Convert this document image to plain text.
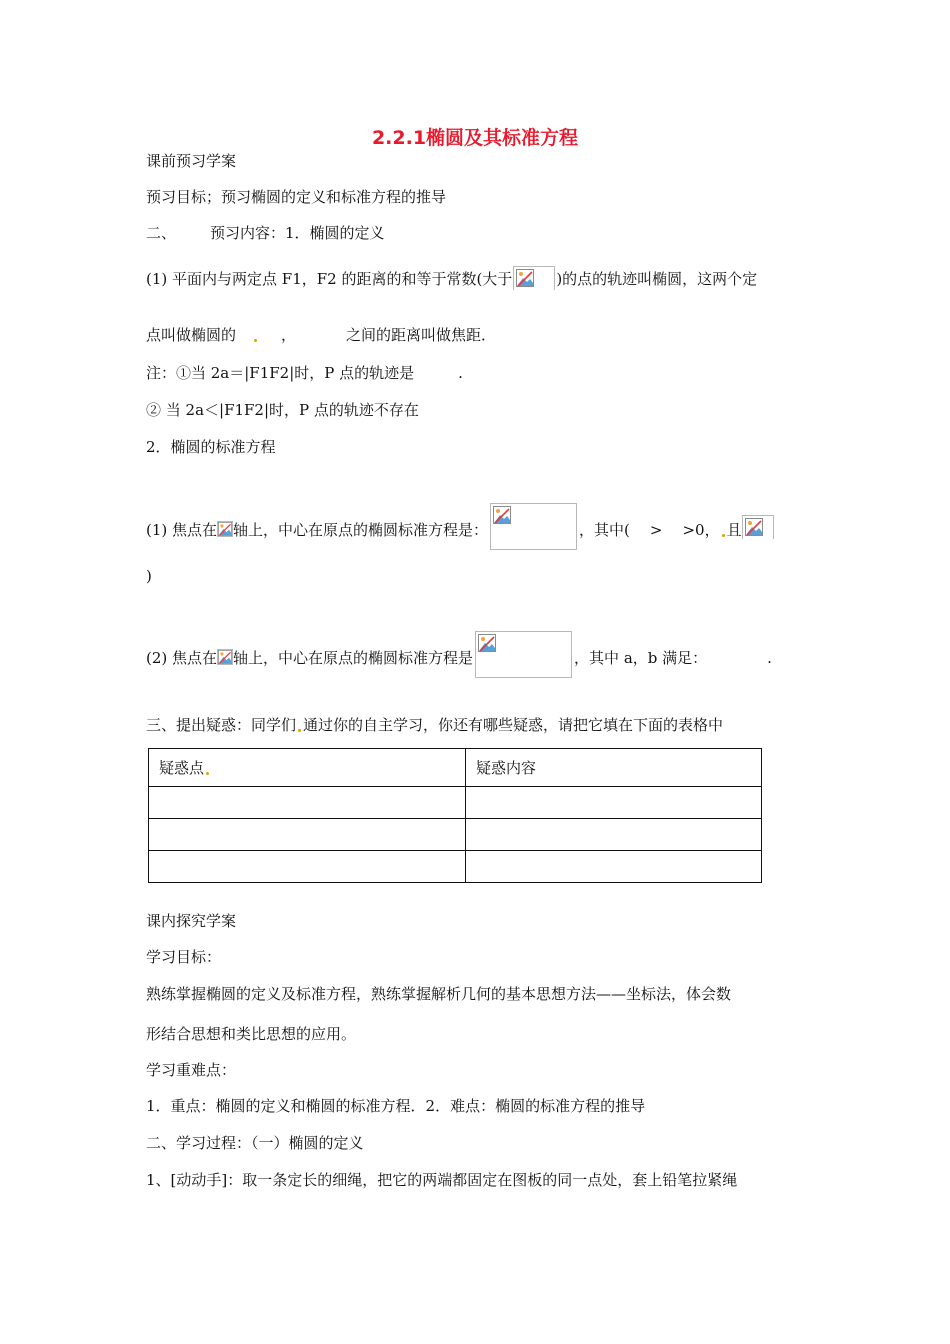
2.2.1椭圆及其标准方程
课前预习学案
预习目标；预习椭圆的定义和标准方程的推导
二、 预习内容：1．椭圆的定义
(1) 平面内与两定点 F1，F2 的距离的和等于常数(大于	)的点的轨迹叫椭圆，这两个定
点叫做椭圆的	，	之间的距离叫做焦距．
注：①当 2a＝|F1F2|时，P 点的轨迹是	.
② 当 2a＜|F1F2|时，P 点的轨迹不存在
2．椭圆的标准方程
(1) 焦点在 轴上，中心在原点的椭圆标准方程是：	，其中( > >0， 且
)
(2) 焦点在 轴上，中心在原点的椭圆标准方程是	，其中 a，b 满足：	.
三、提出疑惑：同学们 通过你的自主学习，你还有哪些疑惑，请把它填在下面的表格中
疑惑点	疑惑内容

课内探究学案
学习目标：
熟练掌握椭圆的定义及标准方程，熟练掌握解析几何的基本思想方法——坐标法，体会数
形结合思想和类比思想的应用。
学习重难点：
1．重点：椭圆的定义和椭圆的标准方程．2．难点：椭圆的标准方程的推导
二、学习过程：（一）椭圆的定义
1、[动动手]：取一条定长的细绳，把它的两端都固定在图板的同一点处，套上铅笔拉紧绳
